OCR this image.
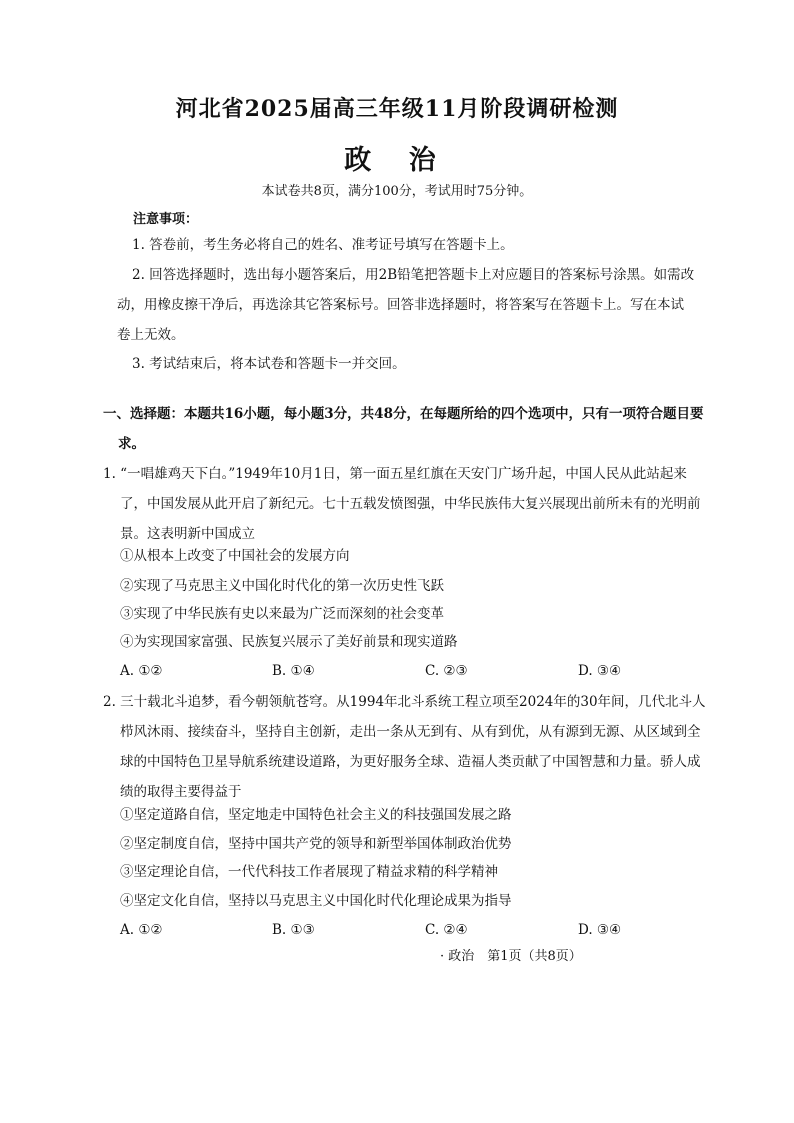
河北省2025届高三年级11月阶段调研检测
政 治
本试卷共8页，满分100分，考试用时75分钟。
注意事项：

1. 答卷前，考生务必将自己的姓名、准考证号填写在答题卡上。

2. 回答选择题时，选出每小题答案后，用2B铅笔把答题卡上对应题目的答案标号涂黑。如需改动，用橡皮擦干净后，再选涂其它答案标号。回答非选择题时，将答案写在答题卡上。写在本试卷上无效。

3. 考试结束后，将本试卷和答题卡一并交回。

一、选择题：本题共16小题，每小题3分，共48分，在每题所给的四个选项中，只有一项符合题目要求。

1. “一唱雄鸡天下白。”1949年10月1日，第一面五星红旗在天安门广场升起，中国人民从此站起来了，中国发展从此开启了新纪元。七十五载发愤图强，中华民族伟大复兴展现出前所未有的光明前景。这表明新中国成立

①从根本上改变了中国社会的发展方向

②实现了马克思主义中国化时代化的第一次历史性飞跃

③实现了中华民族有史以来最为广泛而深刻的社会变革

④为实现国家富强、民族复兴展示了美好前景和现实道路

A. ①②	B. ①④	C. ②③	D. ③④

2. 三十载北斗追梦，看今朝领航苍穹。从1994年北斗系统工程立项至2024年的30年间，几代北斗人栉风沐雨、接续奋斗，坚持自主创新，走出一条从无到有、从有到优，从有源到无源、从区域到全球的中国特色卫星导航系统建设道路，为更好服务全球、造福人类贡献了中国智慧和力量。骄人成绩的取得主要得益于

①坚定道路自信，坚定地走中国特色社会主义的科技强国发展之路

②坚定制度自信，坚持中国共产党的领导和新型举国体制政治优势

③坚定理论自信，一代代科技工作者展现了精益求精的科学精神

④坚定文化自信，坚持以马克思主义中国化时代化理论成果为指导

A. ①②	B. ①③	C. ②④	D. ③④
· 政治　第1页（共8页）
